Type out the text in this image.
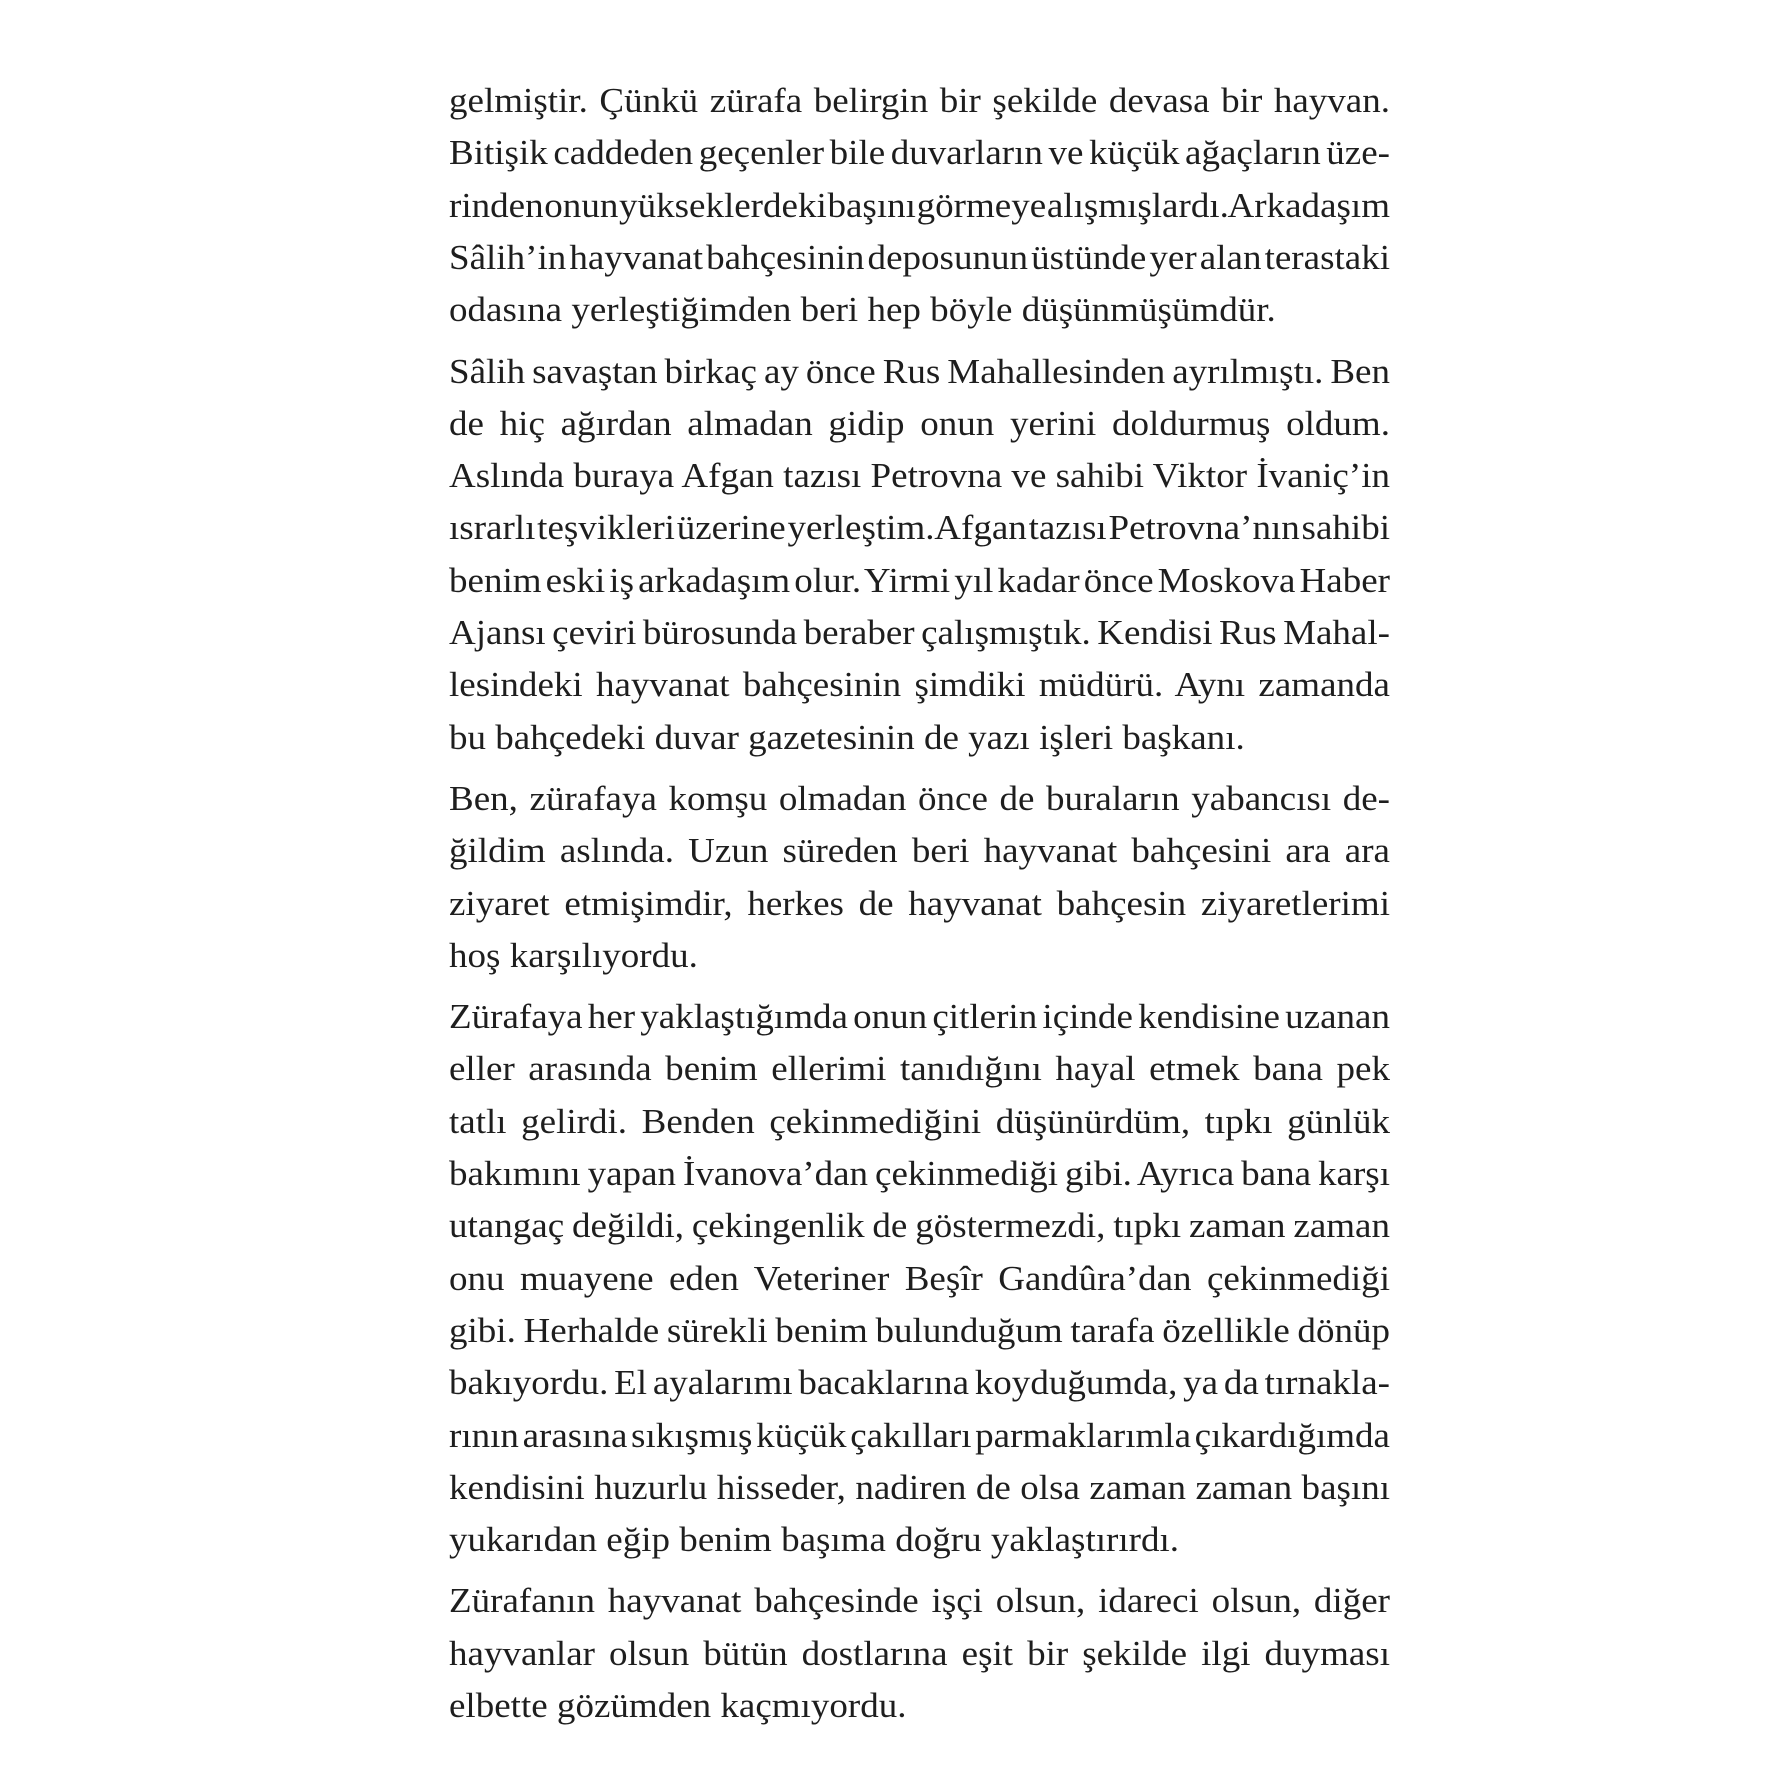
gelmiştir. Çünkü zürafa belirgin bir şekilde devasa bir hayvan.
Bitişik caddeden geçenler bile duvarların ve küçük ağaçların üze-
rinden onun yükseklerdeki başını görmeye alışmışlardı. Arkadaşım
Sâlih’in hayvanat bahçesinin deposunun üstünde yer alan terastaki
odasına yerleştiğimden beri hep böyle düşünmüşümdür.
Sâlih savaştan birkaç ay önce Rus Mahallesinden ayrılmıştı. Ben
de hiç ağırdan almadan gidip onun yerini doldurmuş oldum.
Aslında buraya Afgan tazısı Petrovna ve sahibi Viktor İvaniç’in
ısrarlı teşvikleri üzerine yerleştim. Afgan tazısı Petrovna’nın sahibi
benim eski iş arkadaşım olur. Yirmi yıl kadar önce Moskova Haber
Ajansı çeviri bürosunda beraber çalışmıştık. Kendisi Rus Mahal-
lesindeki hayvanat bahçesinin şimdiki müdürü. Aynı zamanda
bu bahçedeki duvar gazetesinin de yazı işleri başkanı.
Ben, zürafaya komşu olmadan önce de buraların yabancısı de-
ğildim aslında. Uzun süreden beri hayvanat bahçesini ara ara
ziyaret etmişimdir, herkes de hayvanat bahçesin ziyaretlerimi
hoş karşılıyordu.
Zürafaya her yaklaştığımda onun çitlerin içinde kendisine uzanan
eller arasında benim ellerimi tanıdığını hayal etmek bana pek
tatlı gelirdi. Benden çekinmediğini düşünürdüm, tıpkı günlük
bakımını yapan İvanova’dan çekinmediği gibi. Ayrıca bana karşı
utangaç değildi, çekingenlik de göstermezdi, tıpkı zaman zaman
onu muayene eden Veteriner Beşîr Gandûra’dan çekinmediği
gibi. Herhalde sürekli benim bulunduğum tarafa özellikle dönüp
bakıyordu. El ayalarımı bacaklarına koyduğumda, ya da tırnakla-
rının arasına sıkışmış küçük çakılları parmaklarımla çıkardığımda
kendisini huzurlu hisseder, nadiren de olsa zaman zaman başını
yukarıdan eğip benim başıma doğru yaklaştırırdı.
Zürafanın hayvanat bahçesinde işçi olsun, idareci olsun, diğer
hayvanlar olsun bütün dostlarına eşit bir şekilde ilgi duyması
elbette gözümden kaçmıyordu.
